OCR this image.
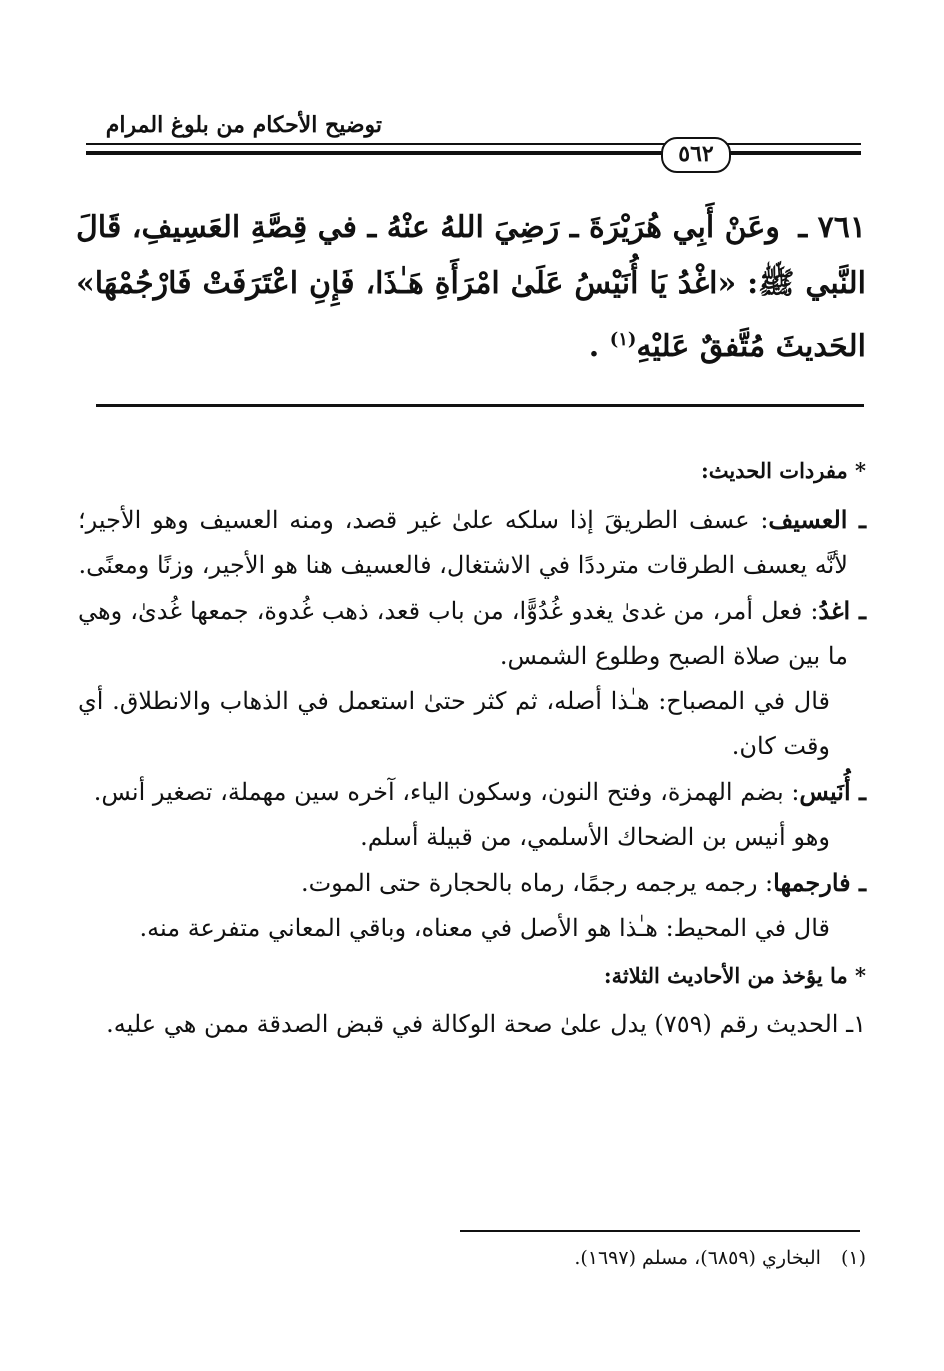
توضيح الأحكام من بلوغ المرام
٥٦٢
٧٦١ ـ وعَنْ أَبِي هُرَيْرَةَ ـ رَضِيَ اللهُ عنْهُ ـ في قِصَّةِ العَسِيفِ، قَالَ النَّبي ﷺ: «اغْدُ يَا أُنَيْسُ عَلَىٰ امْرَأَةِ هَـٰذَا، فَإِنِ اعْتَرَفَتْ فَارْجُمْهَا» الحَديثَ مُتَّفقٌ عَليْهِ$^{(١)}$ .

* مفردات الحديث:

ـ العسيف: عسف الطريقَ إذا سلكه علىٰ غير قصد، ومنه العسيف وهو الأجير؛ لأنَّه يعسف الطرقات مترددًا في الاشتغال، فالعسيف هنا هو الأجير، وزنًا ومعنًى.

ـ اغدُ: فعل أمر، من غدىٰ يغدو غُدُوًّا، من باب قعد، ذهب غُدوة، جمعها غُدىٰ، وهي ما بين صلاة الصبح وطلوع الشمس.

قال في المصباح: هـٰذا أصله، ثم كثر حتىٰ استعمل في الذهاب والانطلاق. أي وقت كان.

ـ أُنَيس: بضم الهمزة، وفتح النون، وسكون الياء، آخره سين مهملة، تصغير أنس.

وهو أنيس بن الضحاك الأسلمي، من قبيلة أسلم.

ـ فارجمها: رجمه يرجمه رجمًا، رماه بالحجارة حتى الموت.

قال في المحيط: هـٰذا هو الأصل في معناه، وباقي المعاني متفرعة منه.

* ما يؤخذ من الأحاديث الثلاثة:

١ـ الحديث رقم (٧٥٩) يدل علىٰ صحة الوكالة في قبض الصدقة ممن هي عليه.

(١) البخاري (٦٨٥٩)، مسلم (١٦٩٧).
